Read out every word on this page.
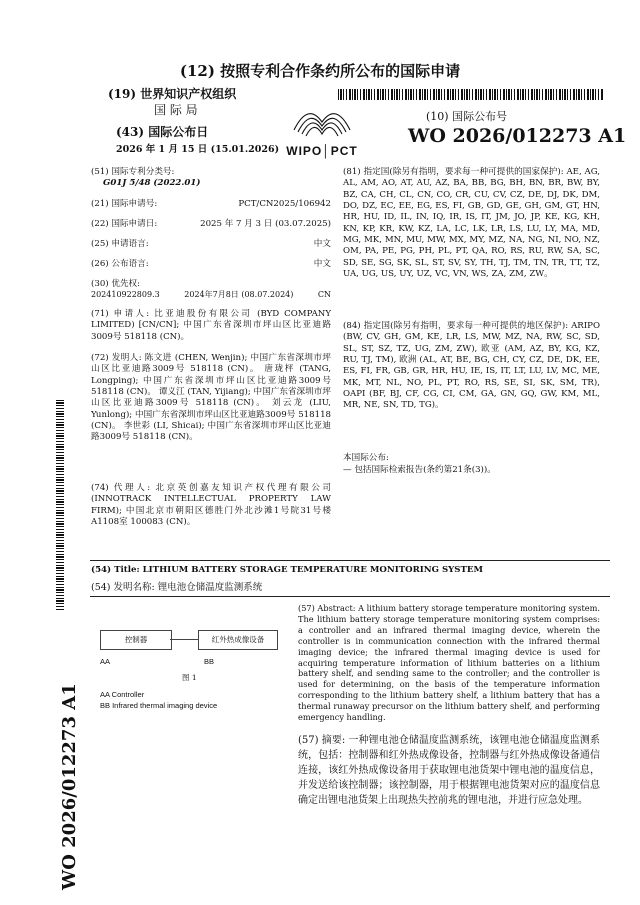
(12) 按照专利合作条约所公布的国际申请
(19) 世界知识产权组织
国 际 局
(43) 国际公布日
2026 年 1 月 15 日 (15.01.2026) WIPO│PCT
(10) 国际公布号
WO 2026/012273 A1
WO 2026/012273 A1
(51) 国际专利分类号:
G01J 5/48 (2022.01)
(21) 国际申请号:	PCT/CN2025/106942
(22) 国际申请日:	2025 年 7 月 3 日 (03.07.2025)
(25) 申请语言:	中文
(26) 公布语言:	中文
(30) 优先权:
202410922809.3	2024年7月8日 (08.07.2024)	CN
(71) 申请人: 比亚迪股份有限公司 (BYD COMPANY LIMITED) [CN/CN]; 中国广东省深圳市坪山区比亚迪路3009号 518118 (CN)。
(72) 发明人: 陈文进 (CHEN, Wenjin); 中国广东省深圳市坪山区比亚迪路3009号 518118 (CN)。 唐珑枰 (TANG, Longping); 中国广东省深圳市坪山区比亚迪路3009号 518118 (CN)。 谭义江 (TAN, Yijiang); 中国广东省深圳市坪山区比亚迪路3009号 518118 (CN)。 刘云龙 (LIU, Yunlong); 中国广东省深圳市坪山区比亚迪路3009号 518118 (CN)。 李世彩 (LI, Shicai); 中国广东省深圳市坪山区比亚迪路3009号 518118 (CN)。
(74) 代理人: 北京英创嘉友知识产权代理有限公司 (INNOTRACK INTELLECTUAL PROPERTY LAW FIRM); 中国北京市朝阳区德胜门外北沙滩1号院31号楼A1108室 100083 (CN)。
(81) 指定国(除另有指明，要求每一种可提供的国家保护): AE, AG, AL, AM, AO, AT, AU, AZ, BA, BB, BG, BH, BN, BR, BW, BY, BZ, CA, CH, CL, CN, CO, CR, CU, CV, CZ, DE, DJ, DK, DM, DO, DZ, EC, EE, EG, ES, FI, GB, GD, GE, GH, GM, GT, HN, HR, HU, ID, IL, IN, IQ, IR, IS, IT, JM, JO, JP, KE, KG, KH, KN, KP, KR, KW, KZ, LA, LC, LK, LR, LS, LU, LY, MA, MD, MG, MK, MN, MU, MW, MX, MY, MZ, NA, NG, NI, NO, NZ, OM, PA, PE, PG, PH, PL, PT, QA, RO, RS, RU, RW, SA, SC, SD, SE, SG, SK, SL, ST, SV, SY, TH, TJ, TM, TN, TR, TT, TZ, UA, UG, US, UY, UZ, VC, VN, WS, ZA, ZM, ZW。
(84) 指定国(除另有指明，要求每一种可提供的地区保护): ARIPO (BW, CV, GH, GM, KE, LR, LS, MW, MZ, NA, RW, SC, SD, SL, ST, SZ, TZ, UG, ZM, ZW), 欧亚 (AM, AZ, BY, KG, KZ, RU, TJ, TM), 欧洲 (AL, AT, BE, BG, CH, CY, CZ, DE, DK, EE, ES, FI, FR, GB, GR, HR, HU, IE, IS, IT, LT, LU, LV, MC, ME, MK, MT, NL, NO, PL, PT, RO, RS, SE, SI, SK, SM, TR), OAPI (BF, BJ, CF, CG, CI, CM, GA, GN, GQ, GW, KM, ML, MR, NE, SN, TD, TG)。
本国际公布:
— 包括国际检索报告(条约第21条(3))。
(54) Title: LITHIUM BATTERY STORAGE TEMPERATURE MONITORING SYSTEM
(54) 发明名称: 锂电池仓储温度监测系统
控制器	红外热成像设备
AA	BB
图 1
AA Controller
BB Infrared thermal imaging device
(57) Abstract: A lithium battery storage temperature monitoring system. The lithium battery storage temperature monitoring system comprises: a controller and an infrared thermal imaging device, wherein the controller is in communication connection with the infrared thermal imaging device; the infrared thermal imaging device is used for acquiring temperature information of lithium batteries on a lithium battery shelf, and sending same to the controller; and the controller is used for determining, on the basis of the temperature information corresponding to the lithium battery shelf, a lithium battery that has a thermal runaway precursor on the lithium battery shelf, and performing emergency handling.
(57) 摘要: 一种锂电池仓储温度监测系统，该锂电池仓储温度监测系统，包括：控制器和红外热成像设备，控制器与红外热成像设备通信连接，该红外热成像设备用于获取锂电池货架中锂电池的温度信息，并发送给该控制器；该控制器，用于根据锂电池货架对应的温度信息确定出锂电池货架上出现热失控前兆的锂电池，并进行应急处理。
